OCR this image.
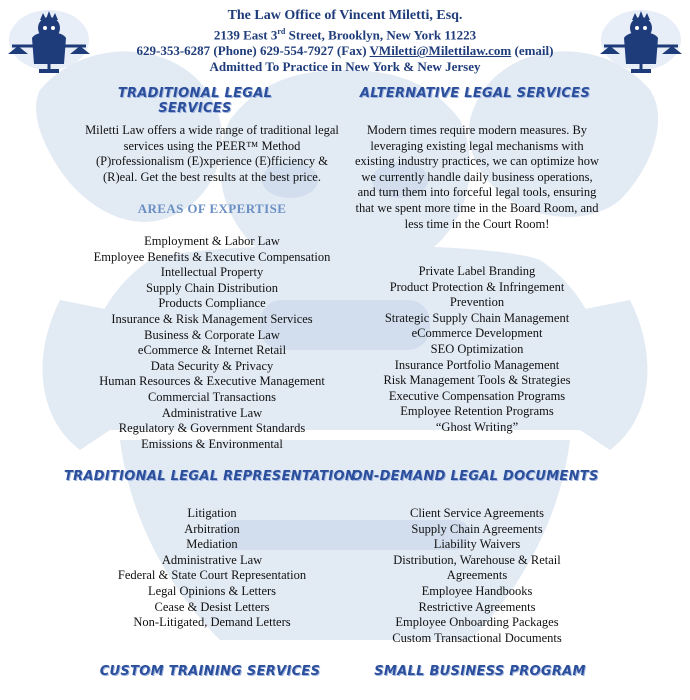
The Law Office of Vincent Miletti, Esq.
2139 East 3rd Street, Brooklyn, New York 11223
629-353-6287 (Phone) 629-554-7927 (Fax) VMiletti@Milettilaw.com (email)
Admitted To Practice in New York & New Jersey
TRADITIONAL LEGAL SERVICES
Miletti Law offers a wide range of traditional legal services using the PEER™ Method (P)rofessionalism (E)xperience (E)fficiency & (R)eal. Get the best results at the best price.
AREAS OF EXPERTISE
Employment & Labor Law
Employee Benefits & Executive Compensation
Intellectual Property
Supply Chain Distribution
Products Compliance
Insurance & Risk Management Services
Business & Corporate Law
eCommerce & Internet Retail
Data Security & Privacy
Human Resources & Executive Management
Commercial Transactions
Administrative Law
Regulatory & Government Standards
Emissions & Environmental
ALTERNATIVE LEGAL SERVICES
Modern times require modern measures. By leveraging existing legal mechanisms with existing industry practices, we can optimize how we currently handle daily business operations, and turn them into forceful legal tools, ensuring that we spent more time in the Board Room, and less time in the Court Room!
Private Label Branding
Product Protection & Infringement Prevention
Strategic Supply Chain Management
eCommerce Development
SEO Optimization
Insurance Portfolio Management
Risk Management Tools & Strategies
Executive Compensation Programs
Employee Retention Programs
“Ghost Writing”
TRADITIONAL LEGAL REPRESENTATION
Litigation
Arbitration
Mediation
Administrative Law
Federal & State Court Representation
Legal Opinions & Letters
Cease & Desist Letters
Non-Litigated, Demand Letters
ON-DEMAND LEGAL DOCUMENTS
Client Service Agreements
Supply Chain Agreements
Liability Waivers
Distribution, Warehouse & Retail Agreements
Employee Handbooks
Restrictive Agreements
Employee Onboarding Packages
Custom Transactional Documents
CUSTOM TRAINING SERVICES	SMALL BUSINESS PROGRAM
